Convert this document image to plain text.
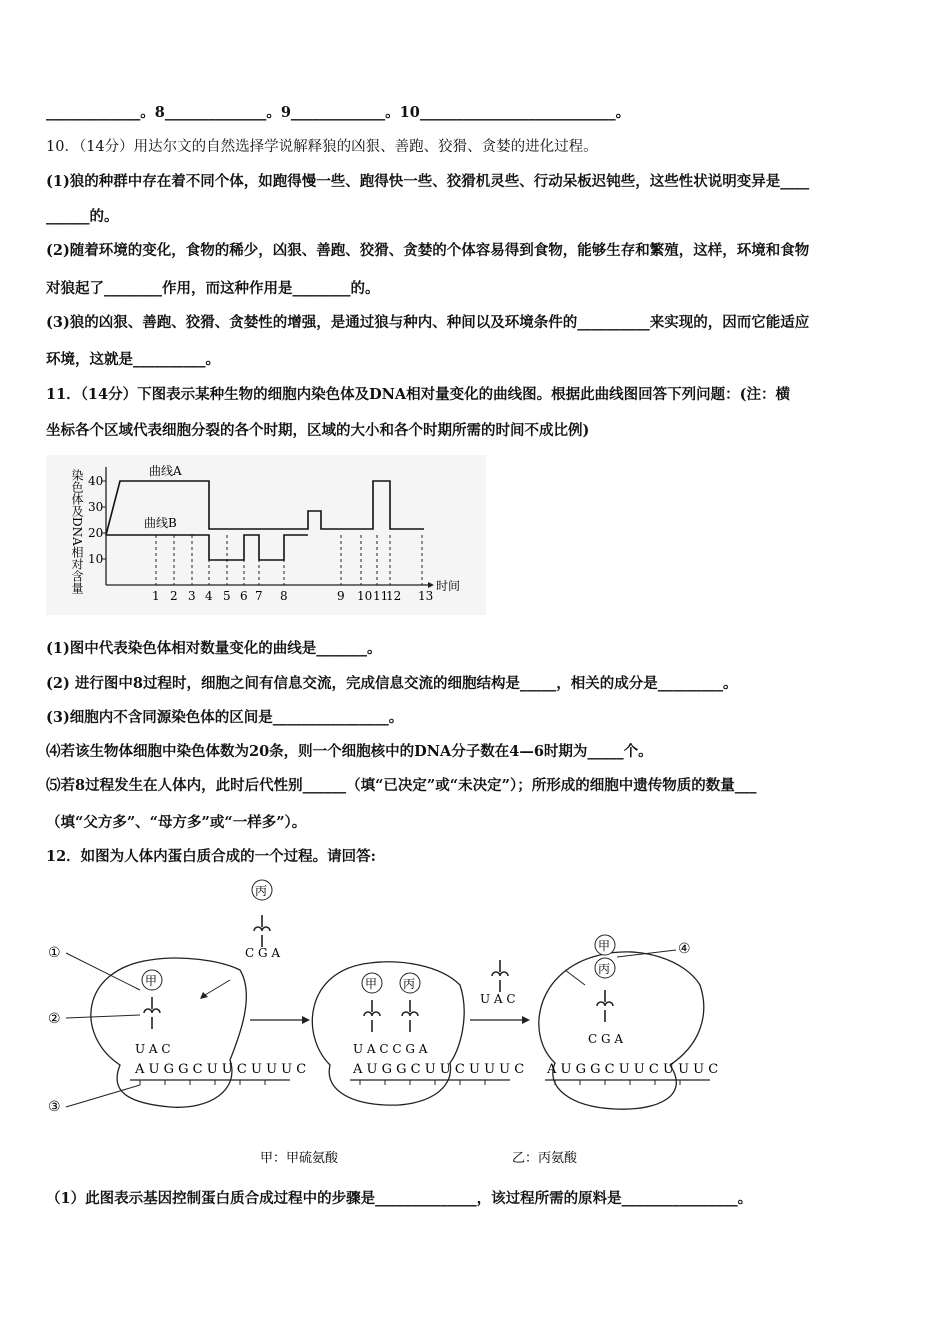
_____________。8______________。9_____________。10___________________________。
10．（14分）用达尔文的自然选择学说解释狼的凶狠、善跑、狡猾、贪婪的进化过程。
(1)狼的种群中存在着不同个体，如跑得慢一些、跑得快一些、狡猾机灵些、行动呆板迟钝些，这些性状说明变异是____
______的。
(2)随着环境的变化，食物的稀少，凶狠、善跑、狡猾、贪婪的个体容易得到食物，能够生存和繁殖，这样，环境和食物
对狼起了________作用，而这种作用是________的。
(3)狼的凶狠、善跑、狡猾、贪婪性的增强，是通过狼与种内、种间以及环境条件的__________来实现的，因而它能适应
环境，这就是__________。
11．（14分）下图表示某种生物的细胞内染色体及DNA相对量变化的曲线图。根据此曲线图回答下列问题：(注：横
坐标各个区域代表细胞分裂的各个时期，区域的大小和各个时期所需的时间不成比例)
染色体及DNA相对含量	时间
10
20
30
40
1 2 3 4 5 6 7 8	9 10 11
12 13
曲线A
曲线B
(1)图中代表染色体相对数量变化的曲线是_______。
(2) 进行图中8过程时，细胞之间有信息交流，完成信息交流的细胞结构是_____，相关的成分是_________。
(3)细胞内不含同源染色体的区间是________________。
⑷若该生物体细胞中染色体数为20条，则一个细胞核中的DNA分子数在4—6时期为_____个。
⑸若8过程发生在人体内，此时后代性别______（填“已决定”或“未决定”）；所形成的细胞中遗传物质的数量___
（填“父方多”、“母方多”或“一样多”）。
12．如图为人体内蛋白质合成的一个过程。请回答:
A U G G C U U C U U U C	A U G G C U U C U U U C A U G G C U U C U U U C
甲
丙
甲 丙
甲
丙
C G A
U A C	U A C C G A
U A C
C G A
①
②
③
④
甲：甲硫氨酸	乙：丙氨酸
（1）此图表示基因控制蛋白质合成过程中的步骤是______________，该过程所需的原料是________________。
